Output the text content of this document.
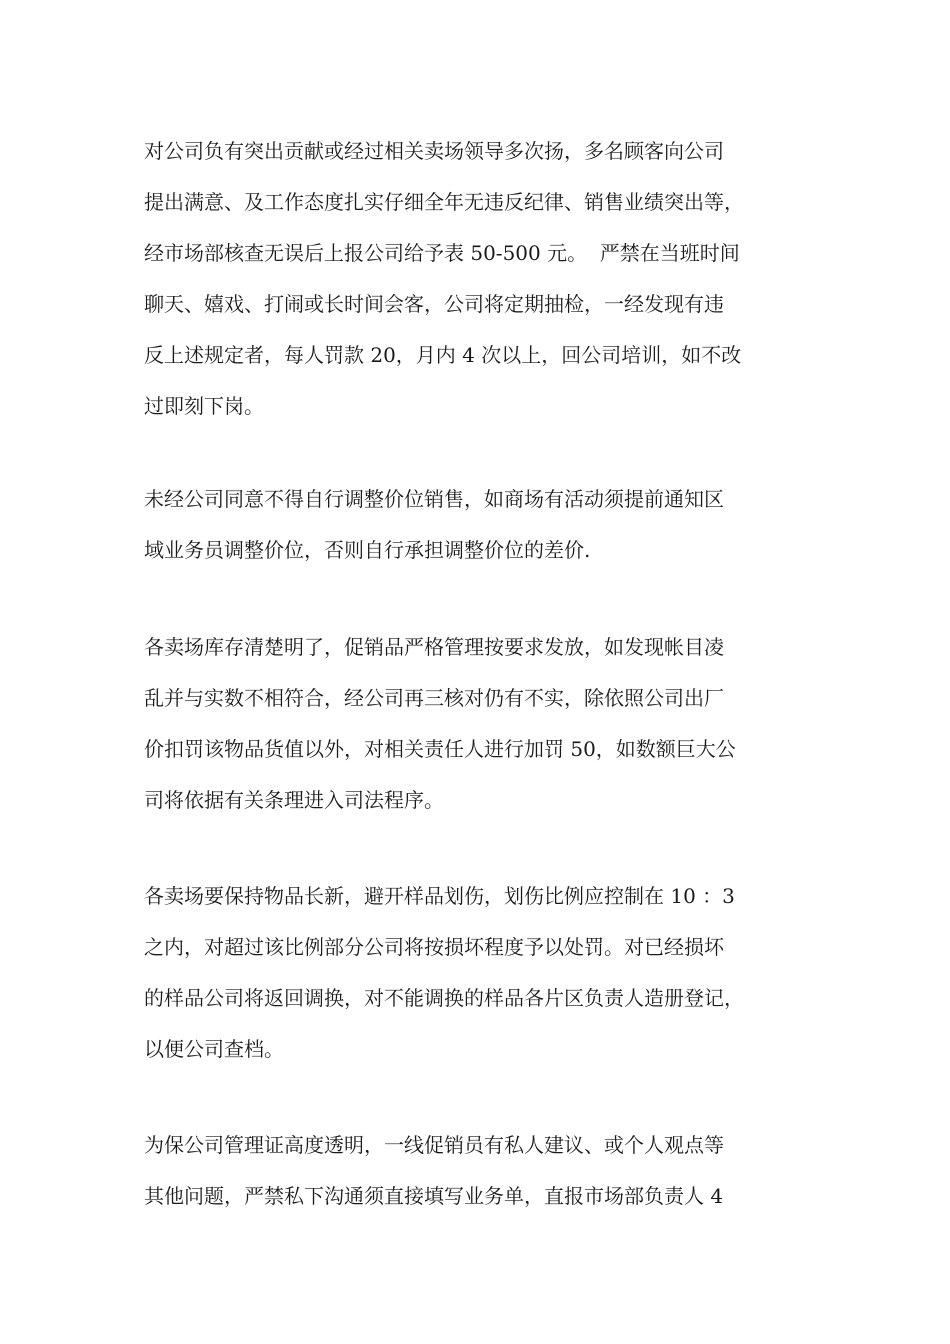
对公司负有突出贡献或经过相关卖场领导多次扬，多名顾客向公司
提出满意、及工作态度扎实仔细全年无违反纪律、销售业绩突出等，
经市场部核查无误后上报公司给予表 50-500 元。  严禁在当班时间
聊天、嬉戏、打闹或长时间会客，公司将定期抽检，一经发现有违
反上述规定者，每人罚款 20，月内 4 次以上，回公司培训，如不改
过即刻下岗。
未经公司同意不得自行调整价位销售，如商场有活动须提前通知区
域业务员调整价位，否则自行承担调整价位的差价.
各卖场库存清楚明了，促销品严格管理按要求发放，如发现帐目凌
乱并与实数不相符合，经公司再三核对仍有不实，除依照公司出厂
价扣罚该物品货值以外，对相关责任人进行加罚 50，如数额巨大公
司将依据有关条理进入司法程序。
各卖场要保持物品长新，避开样品划伤，划伤比例应控制在 10 ：3
之内，对超过该比例部分公司将按损坏程度予以处罚。对已经损坏
的样品公司将返回调换，对不能调换的样品各片区负责人造册登记，
以便公司查档。
为保公司管理证高度透明，一线促销员有私人建议、或个人观点等
其他问题，严禁私下沟通须直接填写业务单，直报市场部负责人 4
